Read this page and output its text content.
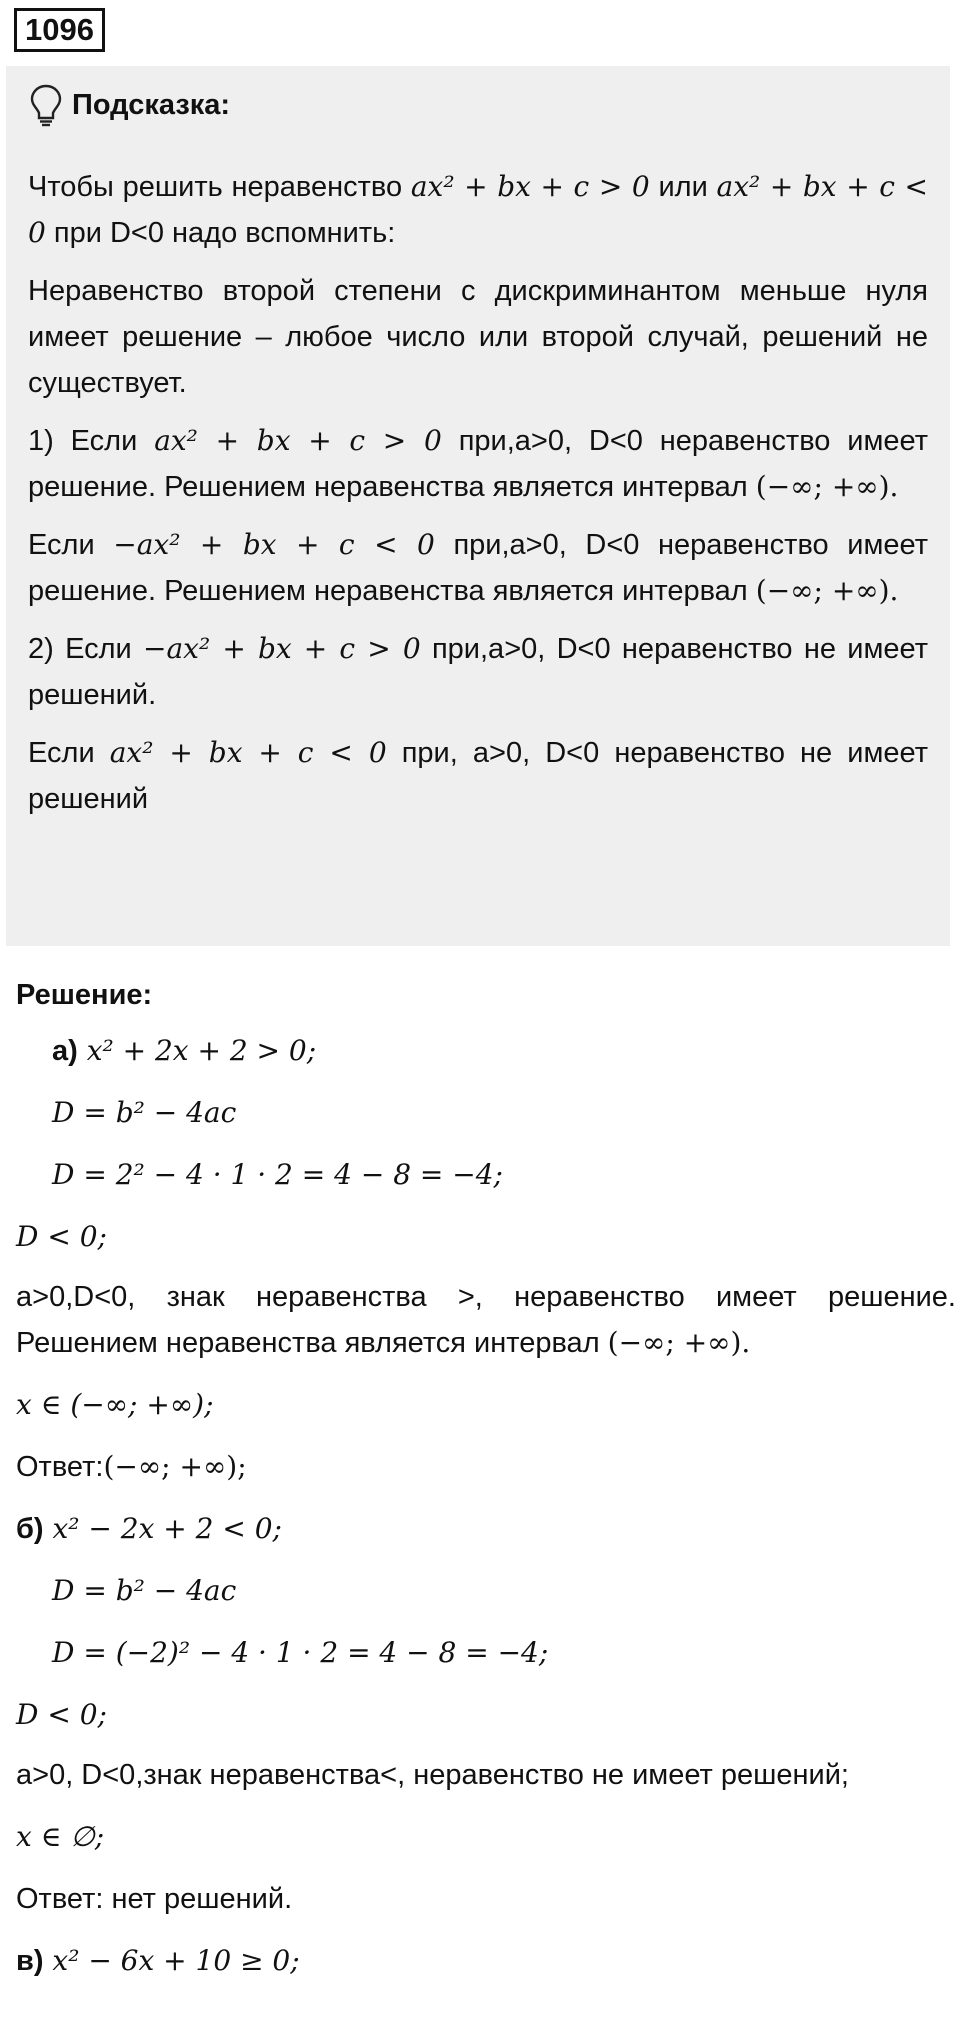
1096
Подсказка:

Чтобы решить неравенство ax² + bx + c > 0 или ax² + bx + c < 0 при D<0 надо вспомнить:

Неравенство второй степени с дискриминантом меньше нуля имеет решение – любое число или второй случай, решений не существует.

1) Если ax² + bx + c > 0 при,a>0, D<0 неравенство имеет решение. Решением неравенства является интервал (−∞; +∞).

Если −ax² + bx + c < 0 при,a>0, D<0 неравенство имеет решение. Решением неравенства является интервал (−∞; +∞).

2) Если −ax² + bx + c > 0 при,a>0, D<0 неравенство не имеет решений.

Если ax² + bx + c < 0 при, a>0, D<0 неравенство не имеет решений

Решение:
а) x² + 2x + 2 > 0;
D = b² − 4ac
D = 2² − 4 · 1 · 2 = 4 − 8 = −4;
D < 0;

a>0,D<0, знак неравенства >, неравенство имеет решение. Решением неравенства является интервал (−∞; +∞).

x ∈ (−∞; +∞);
Ответ:(−∞; +∞);
б) x² − 2x + 2 < 0;
D = b² − 4ac
D = (−2)² − 4 · 1 · 2 = 4 − 8 = −4;
D < 0;

a>0, D<0,знак неравенства<, неравенство не имеет решений;

x ∈ ∅;
Ответ: нет решений.
в) x² − 6x + 10 ≥ 0;
